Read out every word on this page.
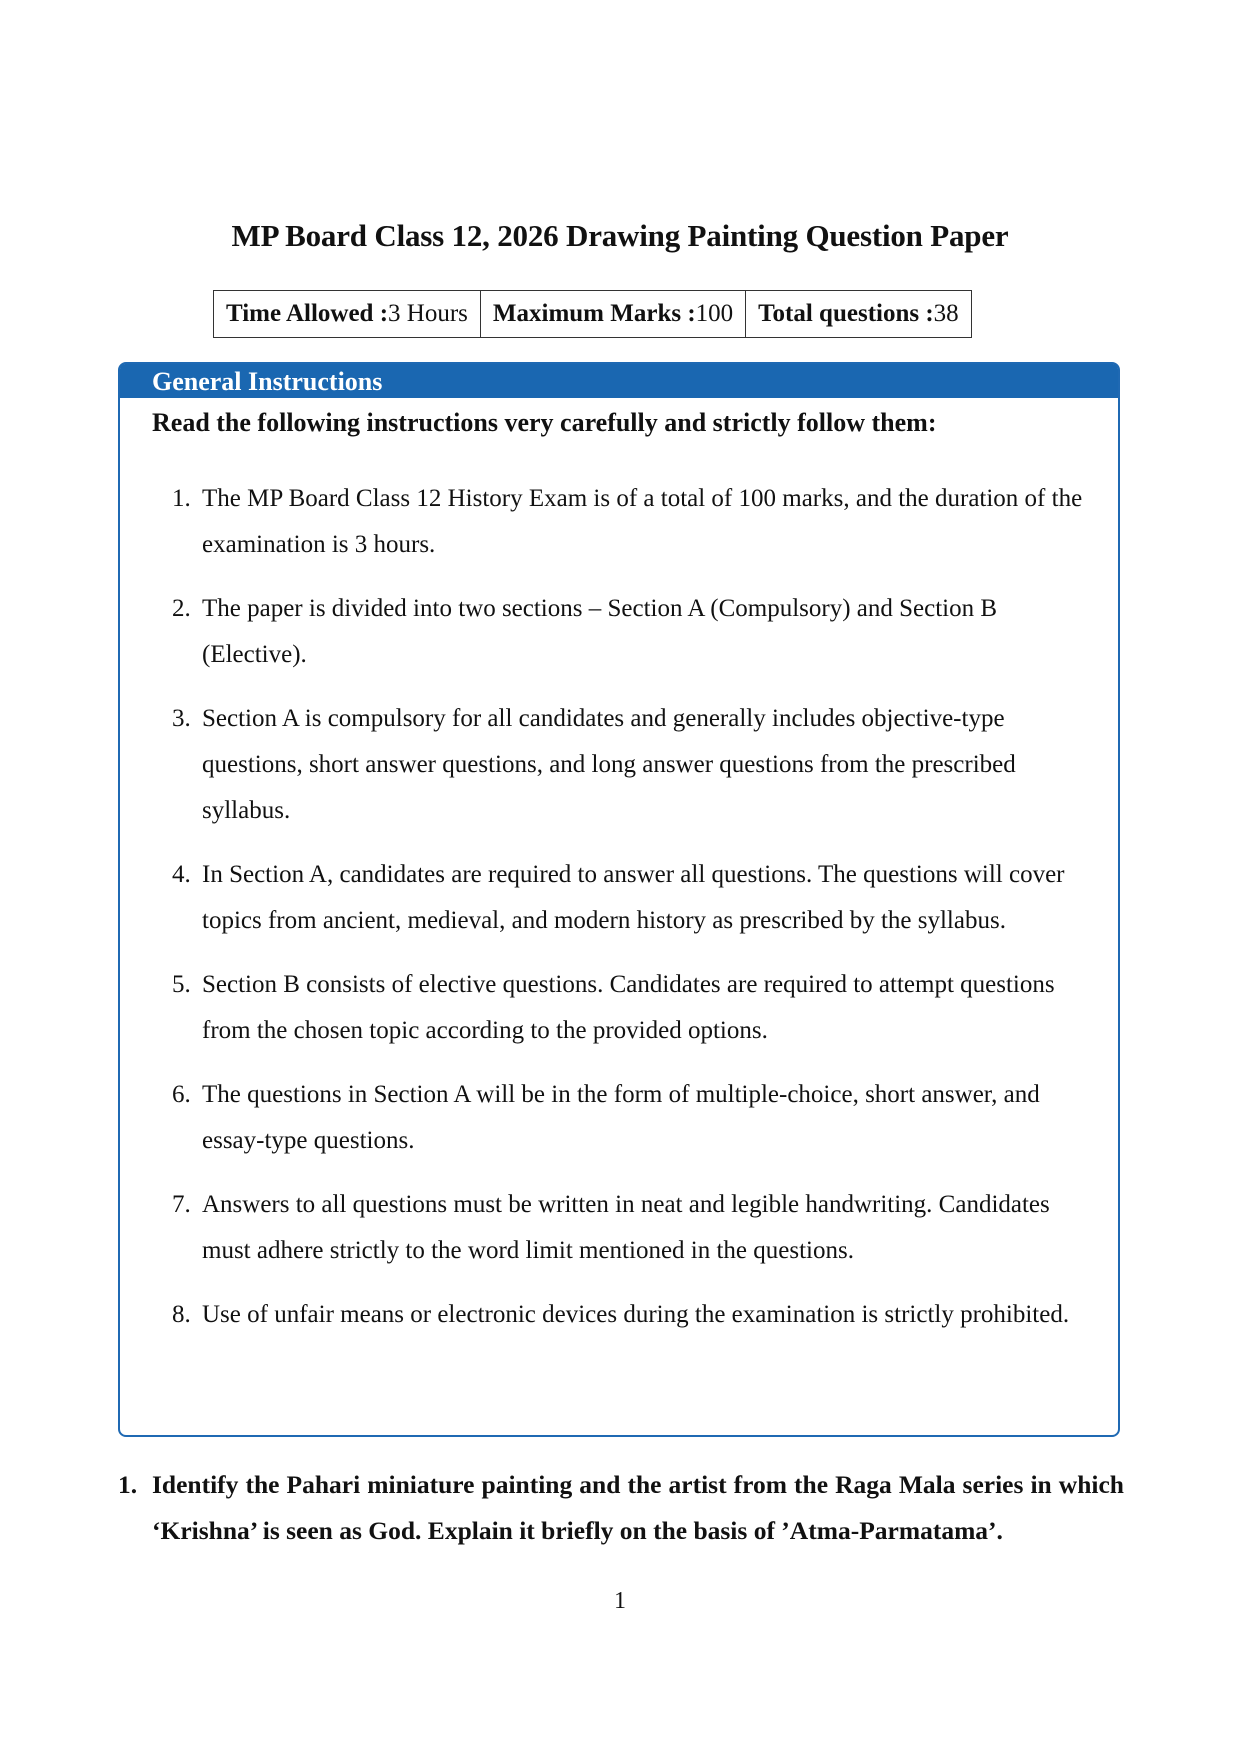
MP Board Class 12, 2026 Drawing Painting Question Paper
Time Allowed :3 Hours	Maximum Marks :100	Total questions :38
General Instructions
Read the following instructions very carefully and strictly follow them:
1. The MP Board Class 12 History Exam is of a total of 100 marks, and the duration of the examination is 3 hours.
2. The paper is divided into two sections – Section A (Compulsory) and Section B (Elective).
3. Section A is compulsory for all candidates and generally includes objective-type questions, short answer questions, and long answer questions from the prescribed syllabus.
4. In Section A, candidates are required to answer all questions. The questions will cover topics from ancient, medieval, and modern history as prescribed by the syllabus.
5. Section B consists of elective questions. Candidates are required to attempt questions from the chosen topic according to the provided options.
6. The questions in Section A will be in the form of multiple-choice, short answer, and essay-type questions.
7. Answers to all questions must be written in neat and legible handwriting. Candidates must adhere strictly to the word limit mentioned in the questions.
8. Use of unfair means or electronic devices during the examination is strictly prohibited.
1. Identify the Pahari miniature painting and the artist from the Raga Mala series in which ‘Krishna’ is seen as God. Explain it briefly on the basis of ’Atma-Parmatama’.
1
